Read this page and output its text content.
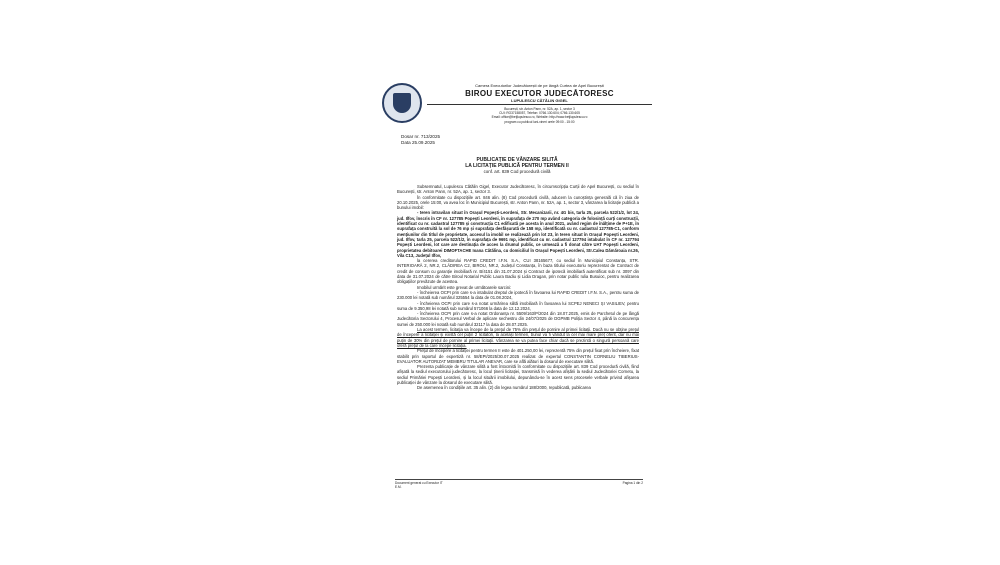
Camera Executorilor Judecătorești de pe lângă Curtea de Apel București
BIROU EXECUTOR JUDECĂTORESC
LUPULESCU CĂTĂLIN GIGEL
București, str. Anton Pann, nr. 52A, ap. 1, sector 3
CUI: RO37158057, Telefon: 0766.130.604; 0766.130.605
Email: office@betjlupulescu.ro, Website: http://www.betjlupulescu.ro
program cu publicul luni-vineri orele 09:00 - 15:00
Dosar nr. 713/2025
Data 25.09.2025
PUBLICAȚIE DE VÂNZARE SILITĂ
LA LICITAȚIE PUBLICĂ PENTRU TERMEN II
conf. art. 839 Cod procedură civilă

Subsemnatul, Lupulescu Cătălin Gigel, Executor Judecătoresc, în circumscripția Curții de Apel București, cu sediul în București, str. Anton Pann, nr. 52A, ap. 1, sector 3.

În conformitate cu dispozițiile art. 846 alin. (8) Cod procedură civilă, aducem la cunoștința generală că în ziua de 20.10.2025, orele 15:00, va avea loc în Municipiul București, str. Anton Pann, nr. 52A, ap. 1, sector 3, vânzarea la licitație publică a bunului imobil:

- teren intravilan situat în Orașul Popești-Leordeni, Str. Mecanizarii, nr. 4G bis, tarla 25, parcela 522/1/2, lot 24, jud. Ilfov, înscris în CF nr. 127785 Popești Leordeni, în suprafața de 270 mp având categoria de folosință curți construcții, identificat cu nr. cadastral 127785 și construcția C1 edificată pe acesta în anul 2021, având regim de înălțime de P+1E, în suprafața construită la sol de 76 mp și suprafața desfășurată de 158 mp, identificată cu nr. cadastral 127785-C1, conform mențiunilor din titlul de proprietate, accesul la imobil se realizează prin lot 23, în teren situat în Orașul Popești Leordeni, jud. Ilfov, tarla 25, parcela 522/1/2, în suprafața de 9691 mp, identificat cu nr. cadastral 127794 intabulat în CF nr. 127794 Popești Leordeni, lot care are destinația de acces la drumul public, ce urmează a fi donat către UAT Popești Leordeni, proprietatea debitoarei DIMOFTACHE Ioana Cătălina, cu domiciliul în Orașul Popești Leordeni, Str.Calea Dămăroaia nr.26, Vila C13, Județul Ilfov,

la cererea creditorului RAPID CREDIT I.F.N. S.A., CUI 38165677, cu sediul în Municipiul Constanța, STR. INTERIOARĂ 2, NR.2, CLĂDIREA C2, BIROU, NR.2, Județul Constanța, în baza titlului executoriu reprezentat de Contract de credit de consum cu garanție imobiliară nr. B/4151 din 31.07.2024 și Contract de ipotecă imobiliară autentificat sub nr. 3097 din data de 31.07.2024 de către Biroul Notarial Public Laura Badiu și Lidia Dragan, prin notar public Iulia Busuioc, pentru realizarea obligațiilor prevăzute de acestea.

Imobilul urmărit este grevat de următoarele sarcini:

- încheierea OCPI prin care s-a intabulat dreptul de ipotecă în favoarea lui RAPID CREDIT I.F.N. S.A., pentru suma de 230.000 lei notată sub numărul 325554 la data de 01.08.2024,

- încheierea OCPI prin care s-a notat urmărirea silită imobiliară în favoarea lui SCPEJ NENECI ȘI VASILIEV, pentru suma de 9.350,98 lei notată sub numărul 571066 la data de 12.12.2024,

- încheierea OCPI prin care s-a notat Ordonanța nr. 5509/163/P/2024 din 18.07.2025, emis de Parchetul de pe lângă Judecătoria Sectorului 4, Procesul Verbal de aplicare sechestru din 24/07/2025 de DGPMB Poliția Sector 4, până la concurența sumei de 250.000 lei notată sub numărul 32117 la data de 28.07.2025.

La acest termen, licitația va începe de la prețul de 75% din prețul de pornire al primei licitații. Dacă nu se obține prețul de începere a licitației și există cel puțin 2 licitatori, la același termen, bunul va fi vândut la cel mai mare preț oferit, dar nu mai puțin de 30% din prețul de pornire al primei licitații. Vânzarea se va putea face chiar dacă se prezintă o singură persoană care oferă prețul de la care începe licitația.

Prețul de începere a licitației pentru termen II este de 401.250,00 lei, reprezentă 75% din prețul fixat prin încheiere, fixat stabilit prin raportul de expertiză nr. 58/EPI/2025/30.07.2025 realizat de expertul CONSTANTIN CORNELIU TIBERIUS-EVALUATOR AUTORIZAT MEMBRU TITULAR ANEVAR, care se află alături la dosarul de executare silită.

Prezenta publicație de vânzare silită a fost întocmită în conformitate cu dispozițiile art. 839 Cod procedură civilă, fiind afișată la sediul executorului judecătoresc, la locul ținerii licitației, transmisă în vederea afișării la sediul Judecătoriei Cornetu, la sediul Primăriei Popești Leordeni, și la locul situării imobilului, depunându-se în acest sens procesele verbale privind afișarea publicației de vânzare la dosarul de executare silită.

De asemenea în condițiile art. 35 alin. (2) din legea numărul 188/2000, republicată, publicarea

Document generat cu Executor IT
E.M.
Pagina 1 din 2
